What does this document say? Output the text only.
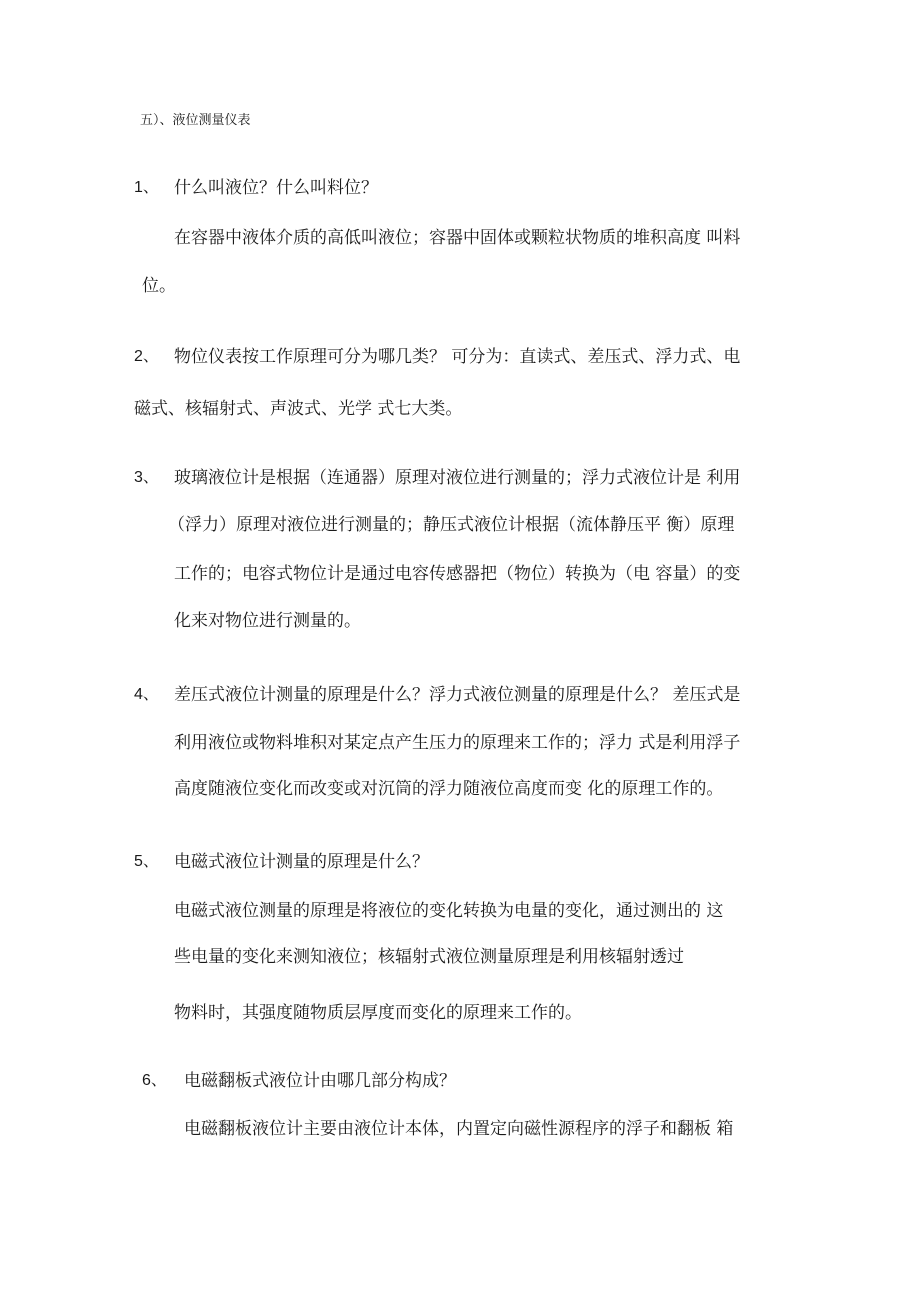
五）、液位测量仪表
1、 什么叫液位？什么叫料位？
在容器中液体介质的高低叫液位；容器中固体或颗粒状物质的堆积高度 叫料
位。
2、 物位仪表按工作原理可分为哪几类？ 可分为：直读式、差压式、浮力式、电
磁式、核辐射式、声波式、光学 式七大类。
3、 玻璃液位计是根据（连通器）原理对液位进行测量的；浮力式液位计是 利用
（浮力）原理对液位进行测量的；静压式液位计根据（流体静压平 衡）原理
工作的；电容式物位计是通过电容传感器把（物位）转换为（电 容量）的变
化来对物位进行测量的。
4、 差压式液位计测量的原理是什么？浮力式液位测量的原理是什么？ 差压式是
利用液位或物料堆积对某定点产生压力的原理来工作的；浮力 式是利用浮子
高度随液位变化而改变或对沉筒的浮力随液位高度而变 化的原理工作的。
5、 电磁式液位计测量的原理是什么？
电磁式液位测量的原理是将液位的变化转换为电量的变化，通过测出的 这
些电量的变化来测知液位；核辐射式液位测量原理是利用核辐射透过
物料时，其强度随物质层厚度而变化的原理来工作的。
6、 电磁翻板式液位计由哪几部分构成？
电磁翻板液位计主要由液位计本体，内置定向磁性源程序的浮子和翻板 箱
